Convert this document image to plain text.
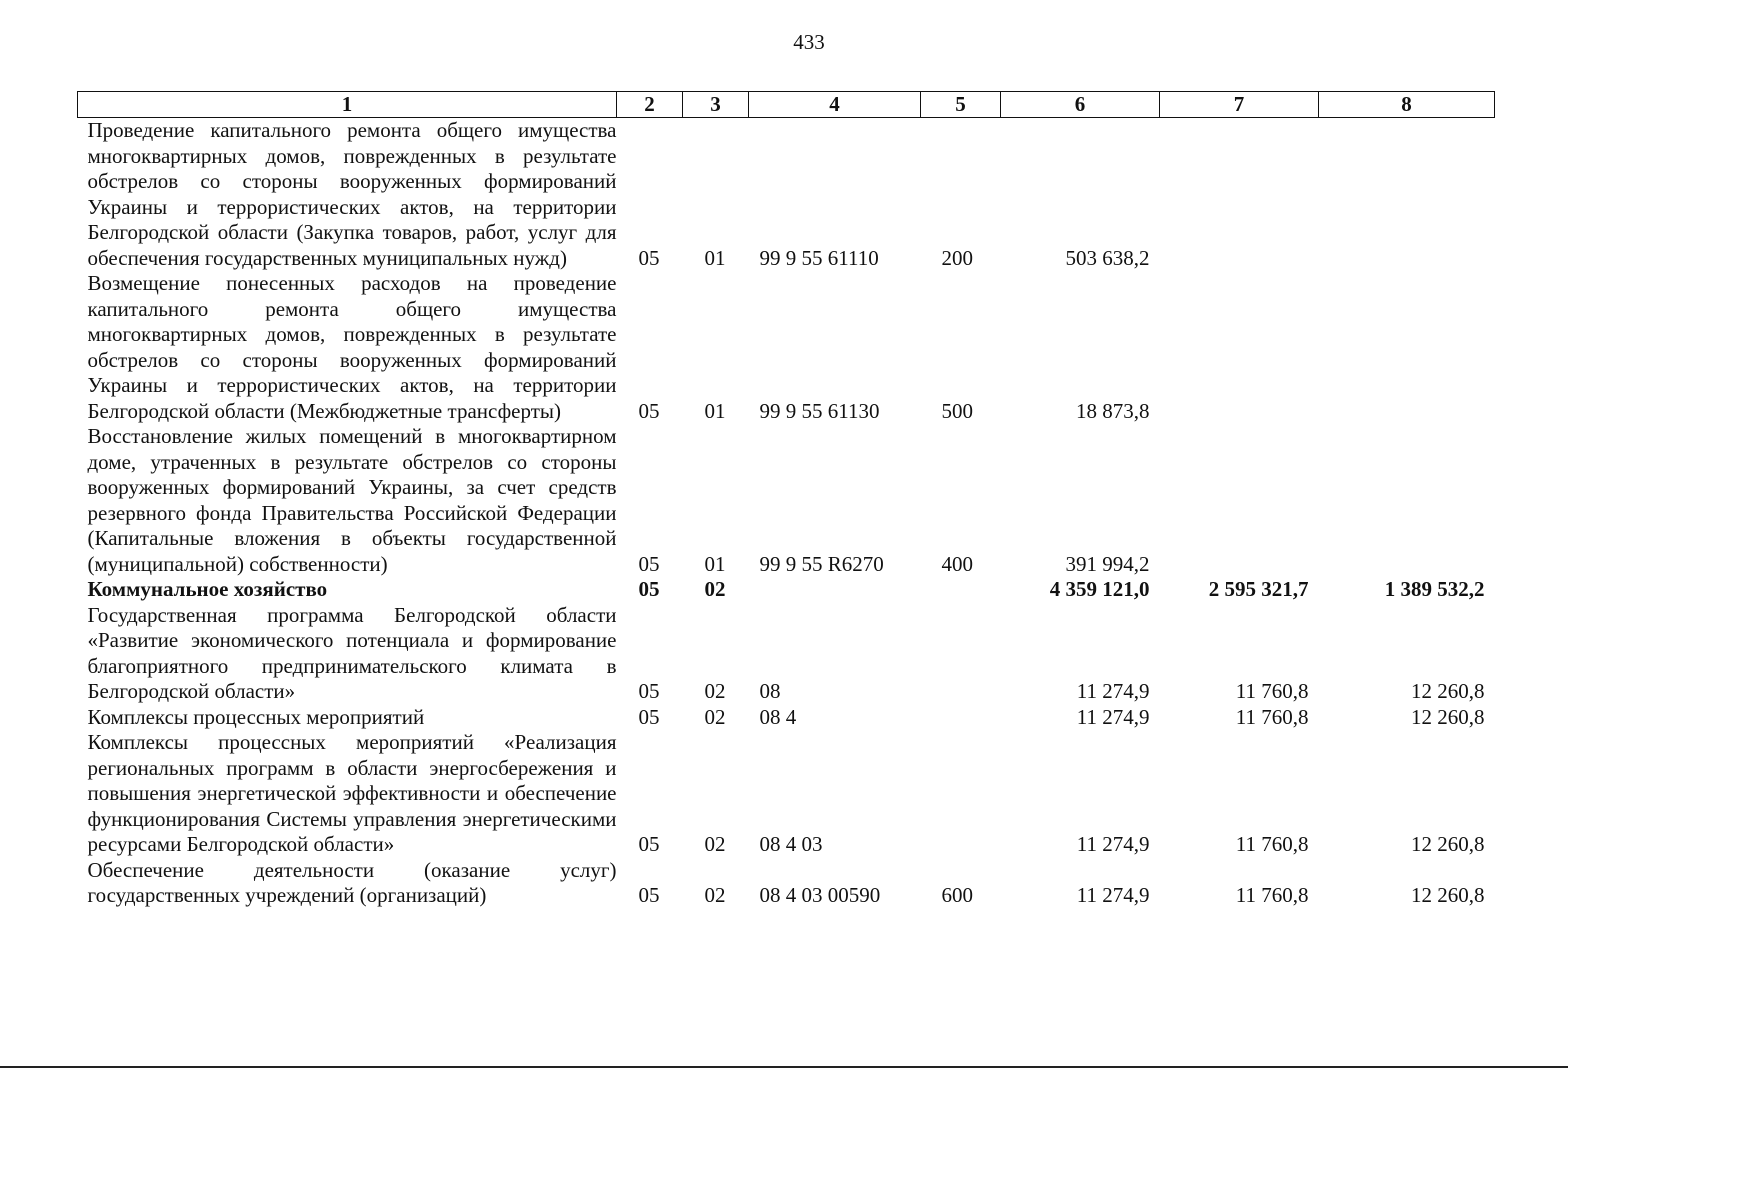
433
1	2	3	4	5	6	7	8
Проведение капитального ремонта общего имущества многоквартирных домов, поврежденных в результате обстрелов со стороны вооруженных формирований Украины и террористических актов, на территории Белгородской области (Закупка товаров, работ, услуг для обеспечения государственных муниципальных нужд)	05	01	99 9 55 61110	200	503 638,2		
Возмещение понесенных расходов на проведение капитального ремонта общего имущества многоквартирных домов, поврежденных в результате обстрелов со стороны вооруженных формирований Украины и террористических актов, на территории Белгородской области (Межбюджетные трансферты)	05	01	99 9 55 61130	500	18 873,8		
Восстановление жилых помещений в многоквартирном доме, утраченных в результате обстрелов со стороны вооруженных формирований Украины, за счет средств резервного фонда Правительства Российской Федерации (Капитальные вложения в объекты государственной (муниципальной) собственности)	05	01	99 9 55 R6270	400	391 994,2		
Коммунальное хозяйство	05	02			4 359 121,0	2 595 321,7	1 389 532,2
Государственная программа Белгородской области «Развитие экономического потенциала и формирование благоприятного предпринимательского климата в Белгородской области»	05	02	08		11 274,9	11 760,8	12 260,8
Комплексы процессных мероприятий	05	02	08 4		11 274,9	11 760,8	12 260,8
Комплексы процессных мероприятий «Реализация региональных программ в области энергосбережения и повышения энергетической эффективности и обеспечение функционирования Системы управления энергетическими ресурсами Белгородской области»	05	02	08 4 03		11 274,9	11 760,8	12 260,8
Обеспечение деятельности (оказание услуг) государственных учреждений (организаций)	05	02	08 4 03 00590	600	11 274,9	11 760,8	12 260,8
